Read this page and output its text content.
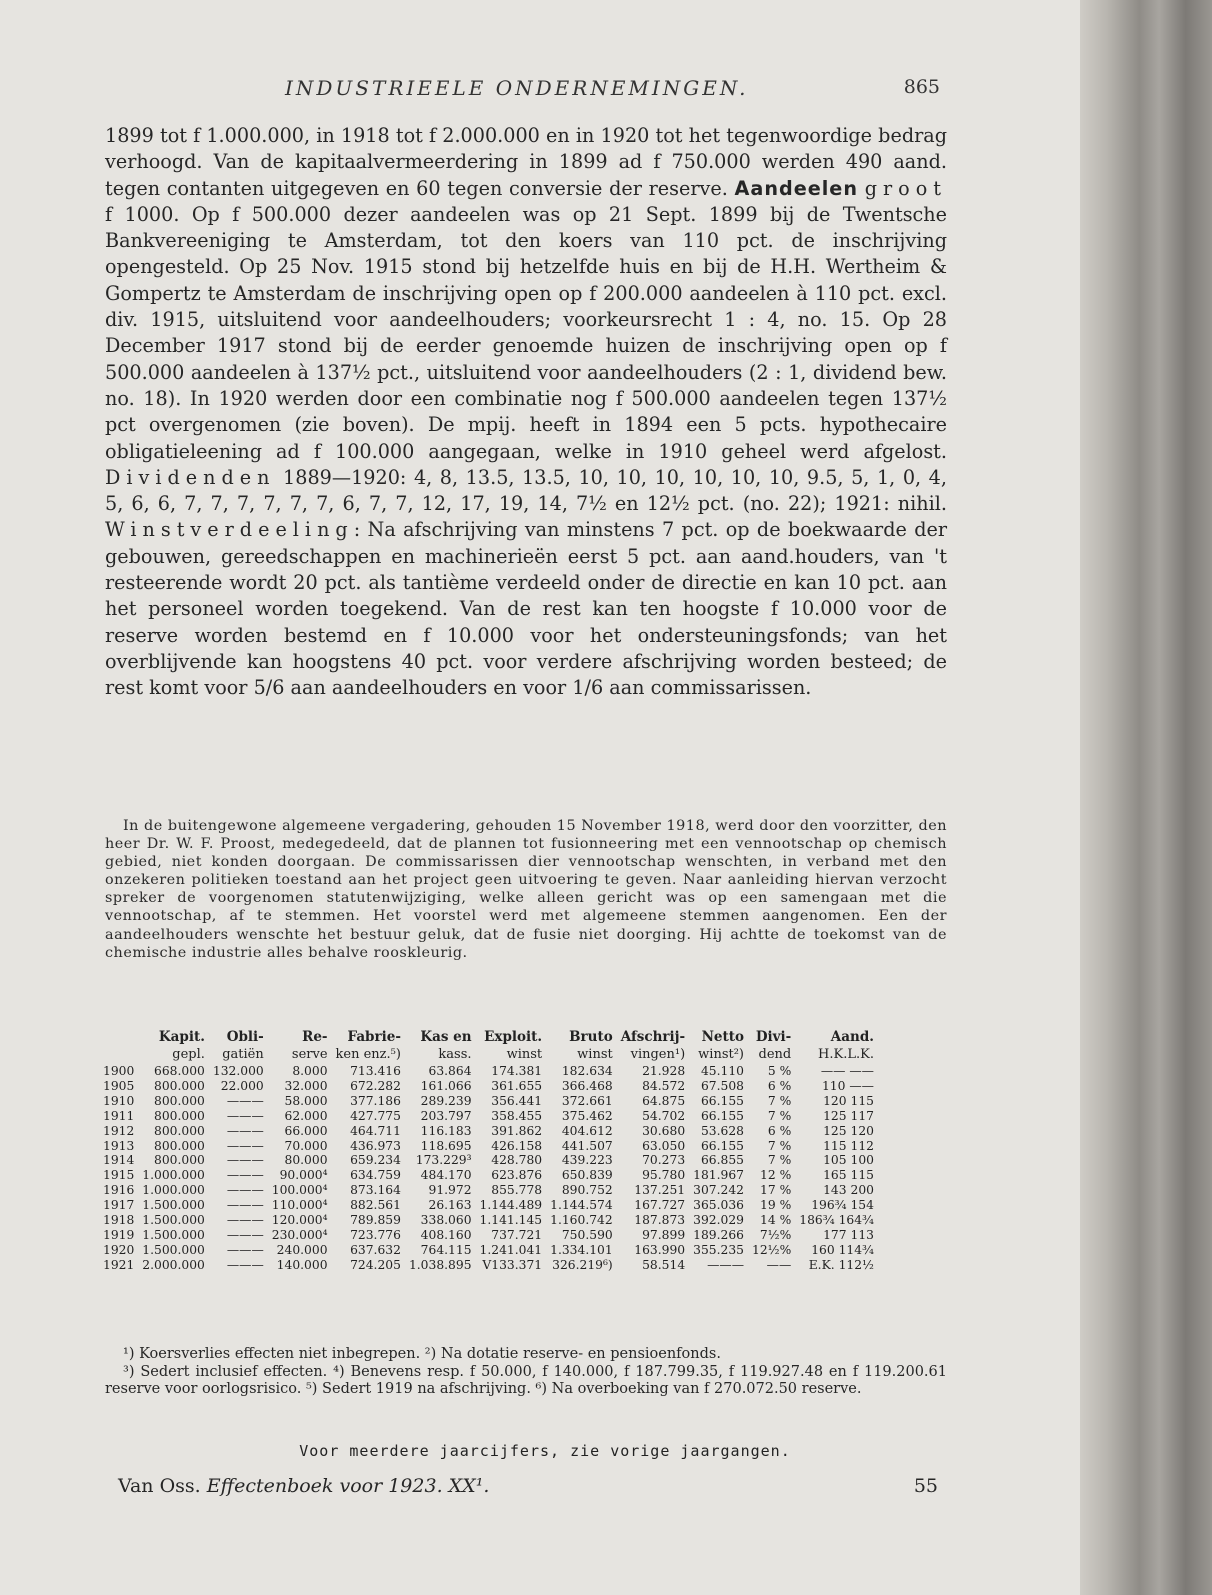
INDUSTRIEELE ONDERNEMINGEN.	865

1899 tot f 1.000.000, in 1918 tot f 2.000.000 en in 1920 tot het tegenwoordige bedrag verhoogd. Van de kapitaalvermeerdering in 1899 ad f 750.000 werden 490 aand. tegen contanten uitgegeven en 60 tegen conversie der reserve. Aandeelen groot f 1000. Op f 500.000 dezer aandeelen was op 21 Sept. 1899 bij de Twentsche Bankvereeniging te Amsterdam, tot den koers van 110 pct. de inschrijving opengesteld. Op 25 Nov. 1915 stond bij hetzelfde huis en bij de H.H. Wertheim & Gompertz te Amsterdam de inschrijving open op f 200.000 aandeelen à 110 pct. excl. div. 1915, uitsluitend voor aandeelhouders; voorkeursrecht 1 : 4, no. 15. Op 28 December 1917 stond bij de eerder genoemde huizen de inschrijving open op f 500.000 aandeelen à 137½ pct., uitsluitend voor aandeelhouders (2 : 1, dividend bew. no. 18). In 1920 werden door een combinatie nog f 500.000 aandeelen tegen 137½ pct overgenomen (zie boven). De mpij. heeft in 1894 een 5 pcts. hypothecaire obligatieleening ad f 100.000 aangegaan, welke in 1910 geheel werd afgelost. Dividenden 1889—1920: 4, 8, 13.5, 13.5, 10, 10, 10, 10, 10, 10, 9.5, 5, 1, 0, 4, 5, 6, 6, 7, 7, 7, 7, 7, 7, 6, 7, 7, 12, 17, 19, 14, 7½ en 12½ pct. (no. 22); 1921: nihil. Winstverdeeling: Na afschrijving van minstens 7 pct. op de boekwaarde der gebouwen, gereedschappen en machinerieën eerst 5 pct. aan aand.houders, van 't resteerende wordt 20 pct. als tantième verdeeld onder de directie en kan 10 pct. aan het personeel worden toegekend. Van de rest kan ten hoogste f 10.000 voor de reserve worden bestemd en f 10.000 voor het ondersteuningsfonds; van het overblijvende kan hoogstens 40 pct. voor verdere afschrijving worden besteed; de rest komt voor 5/6 aan aandeelhouders en voor 1/6 aan commissarissen.

In de buitengewone algemeene vergadering, gehouden 15 November 1918, werd door den voorzitter, den heer Dr. W. F. Proost, medegedeeld, dat de plannen tot fusionneering met een vennootschap op chemisch gebied, niet konden doorgaan. De commissarissen dier vennootschap wenschten, in verband met den onzekeren politieken toestand aan het project geen uitvoering te geven. Naar aanleiding hiervan verzocht spreker de voorgenomen statutenwijziging, welke alleen gericht was op een samengaan met die vennootschap, af te stemmen. Het voorstel werd met algemeene stemmen aangenomen. Een der aandeelhouders wenschte het bestuur geluk, dat de fusie niet doorging. Hij achtte de toekomst van de chemische industrie alles behalve rooskleurig.

	Kapit.	Obli-	Re-	Fabrie-	Kas en	Exploit.	Bruto	Afschrij-	Netto	Divi-	Aand.
	gepl.	gatiën	serve	ken enz.⁵)	kass.	winst	winst	vingen¹)	winst²)	dend	H.K.L.K.
1900	668.000	132.000	8.000	713.416	63.864	174.381	182.634	21.928	45.110	5 %	—— ——
1905	800.000	22.000	32.000	672.282	161.066	361.655	366.468	84.572	67.508	6 %	110 ——
1910	800.000	———	58.000	377.186	289.239	356.441	372.661	64.875	66.155	7 %	120 115
1911	800.000	———	62.000	427.775	203.797	358.455	375.462	54.702	66.155	7 %	125 117
1912	800.000	———	66.000	464.711	116.183	391.862	404.612	30.680	53.628	6 %	125 120
1913	800.000	———	70.000	436.973	118.695	426.158	441.507	63.050	66.155	7 %	115 112
1914	800.000	———	80.000	659.234	173.229³	428.780	439.223	70.273	66.855	7 %	105 100
1915	1.000.000	———	90.000⁴	634.759	484.170	623.876	650.839	95.780	181.967	12 %	165 115
1916	1.000.000	———	100.000⁴	873.164	91.972	855.778	890.752	137.251	307.242	17 %	143 200
1917	1.500.000	———	110.000⁴	882.561	26.163	1.144.489	1.144.574	167.727	365.036	19 %	196¾ 154
1918	1.500.000	———	120.000⁴	789.859	338.060	1.141.145	1.160.742	187.873	392.029	14 %	186¾ 164¾
1919	1.500.000	———	230.000⁴	723.776	408.160	737.721	750.590	97.899	189.266	7½%	177 113
1920	1.500.000	———	240.000	637.632	764.115	1.241.041	1.334.101	163.990	355.235	12½%	160 114¾
1921	2.000.000	———	140.000	724.205	1.038.895	V133.371	326.219⁶)	58.514	———	——	E.K. 112½

¹) Koersverlies effecten niet inbegrepen. ²) Na dotatie reserve- en pensioenfonds.

³) Sedert inclusief effecten. ⁴) Benevens resp. f 50.000, f 140.000, f 187.799.35, f 119.927.48 en f 119.200.61 reserve voor oorlogsrisico. ⁵) Sedert 1919 na afschrijving. ⁶) Na overboeking van f 270.072.50 reserve.

Voor meerdere jaarcijfers, zie vorige jaargangen.
Van Oss. Effectenboek voor 1923. XX¹.	55
